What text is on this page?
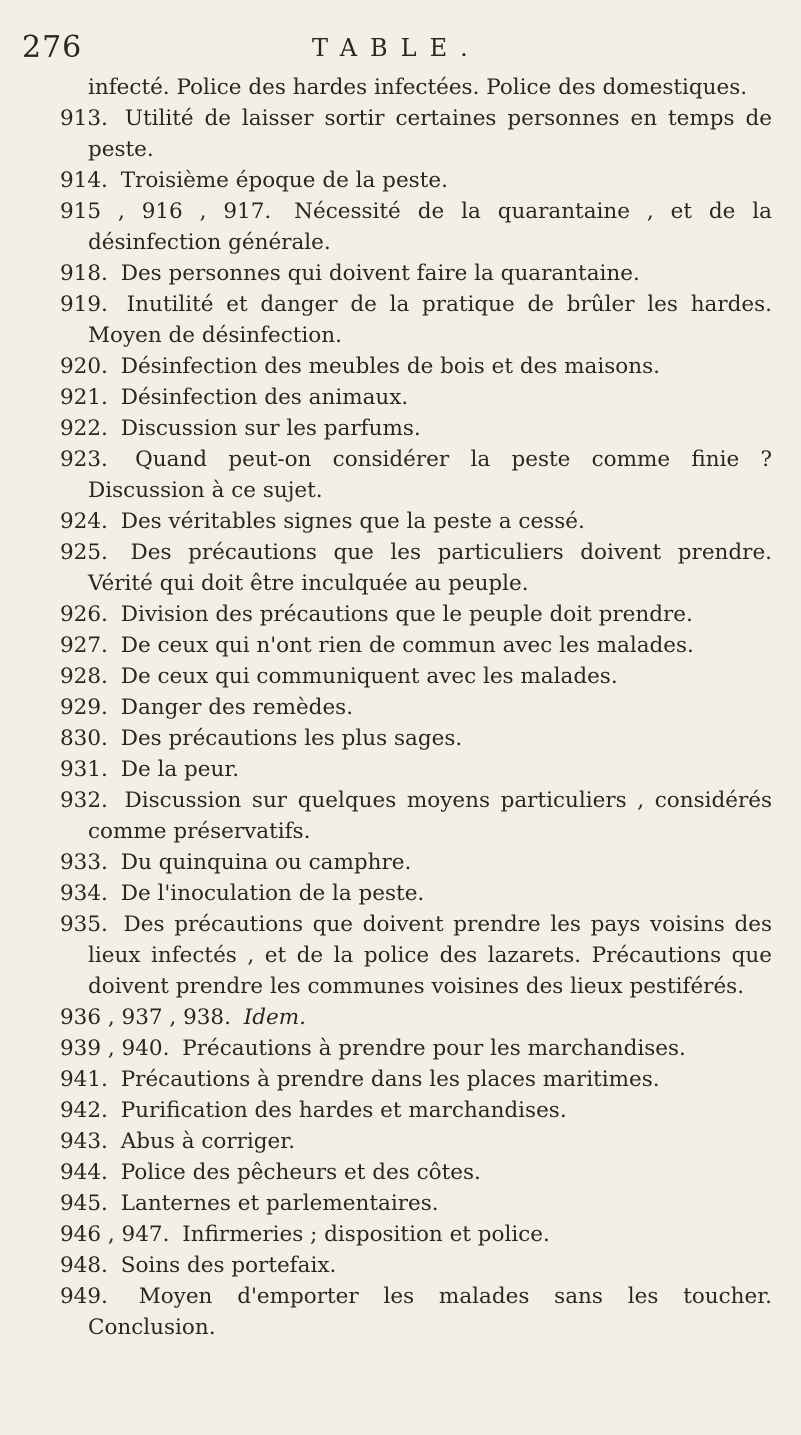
276	TABLE.

infecté. Police des hardes infectées. Police des domestiques.

913 . Utilité de laisser sortir certaines personnes en temps de peste.

914 . Troisième époque de la peste.

915 , 916 , 917 . Nécessité de la quarantaine , et de la désinfection générale.

918 . Des personnes qui doivent faire la quarantaine.

919 . Inutilité et danger de la pratique de brûler les hardes. Moyen de désinfection.

920 . Désinfection des meubles de bois et des maisons.

921 . Désinfection des animaux.

922 . Discussion sur les parfums.

923 . Quand peut-on considérer la peste comme finie ? Discussion à ce sujet.

924 . Des véritables signes que la peste a cessé.

925 . Des précautions que les particuliers doivent prendre. Vérité qui doit être inculquée au peuple.

926 . Division des précautions que le peuple doit prendre.

927 . De ceux qui n'ont rien de commun avec les malades.

928 . De ceux qui communiquent avec les malades.

929 . Danger des remèdes.

830 . Des précautions les plus sages.

931 . De la peur.

932 . Discussion sur quelques moyens particuliers , considérés comme préservatifs.

933 . Du quinquina ou camphre.

934 . De l'inoculation de la peste.

935 . Des précautions que doivent prendre les pays voisins des lieux infectés , et de la police des lazarets. Précautions que doivent prendre les communes voisines des lieux pestiférés.

936 , 937 , 938 . Idem.

939 , 940 . Précautions à prendre pour les marchandises.

941 . Précautions à prendre dans les places maritimes.

942 . Purification des hardes et marchandises.

943 . Abus à corriger.

944 . Police des pêcheurs et des côtes.

945 . Lanternes et parlementaires.

946 , 947 . Infirmeries ; disposition et police.

948 . Soins des portefaix.

949 . Moyen d'emporter les malades sans les toucher. Conclusion.
